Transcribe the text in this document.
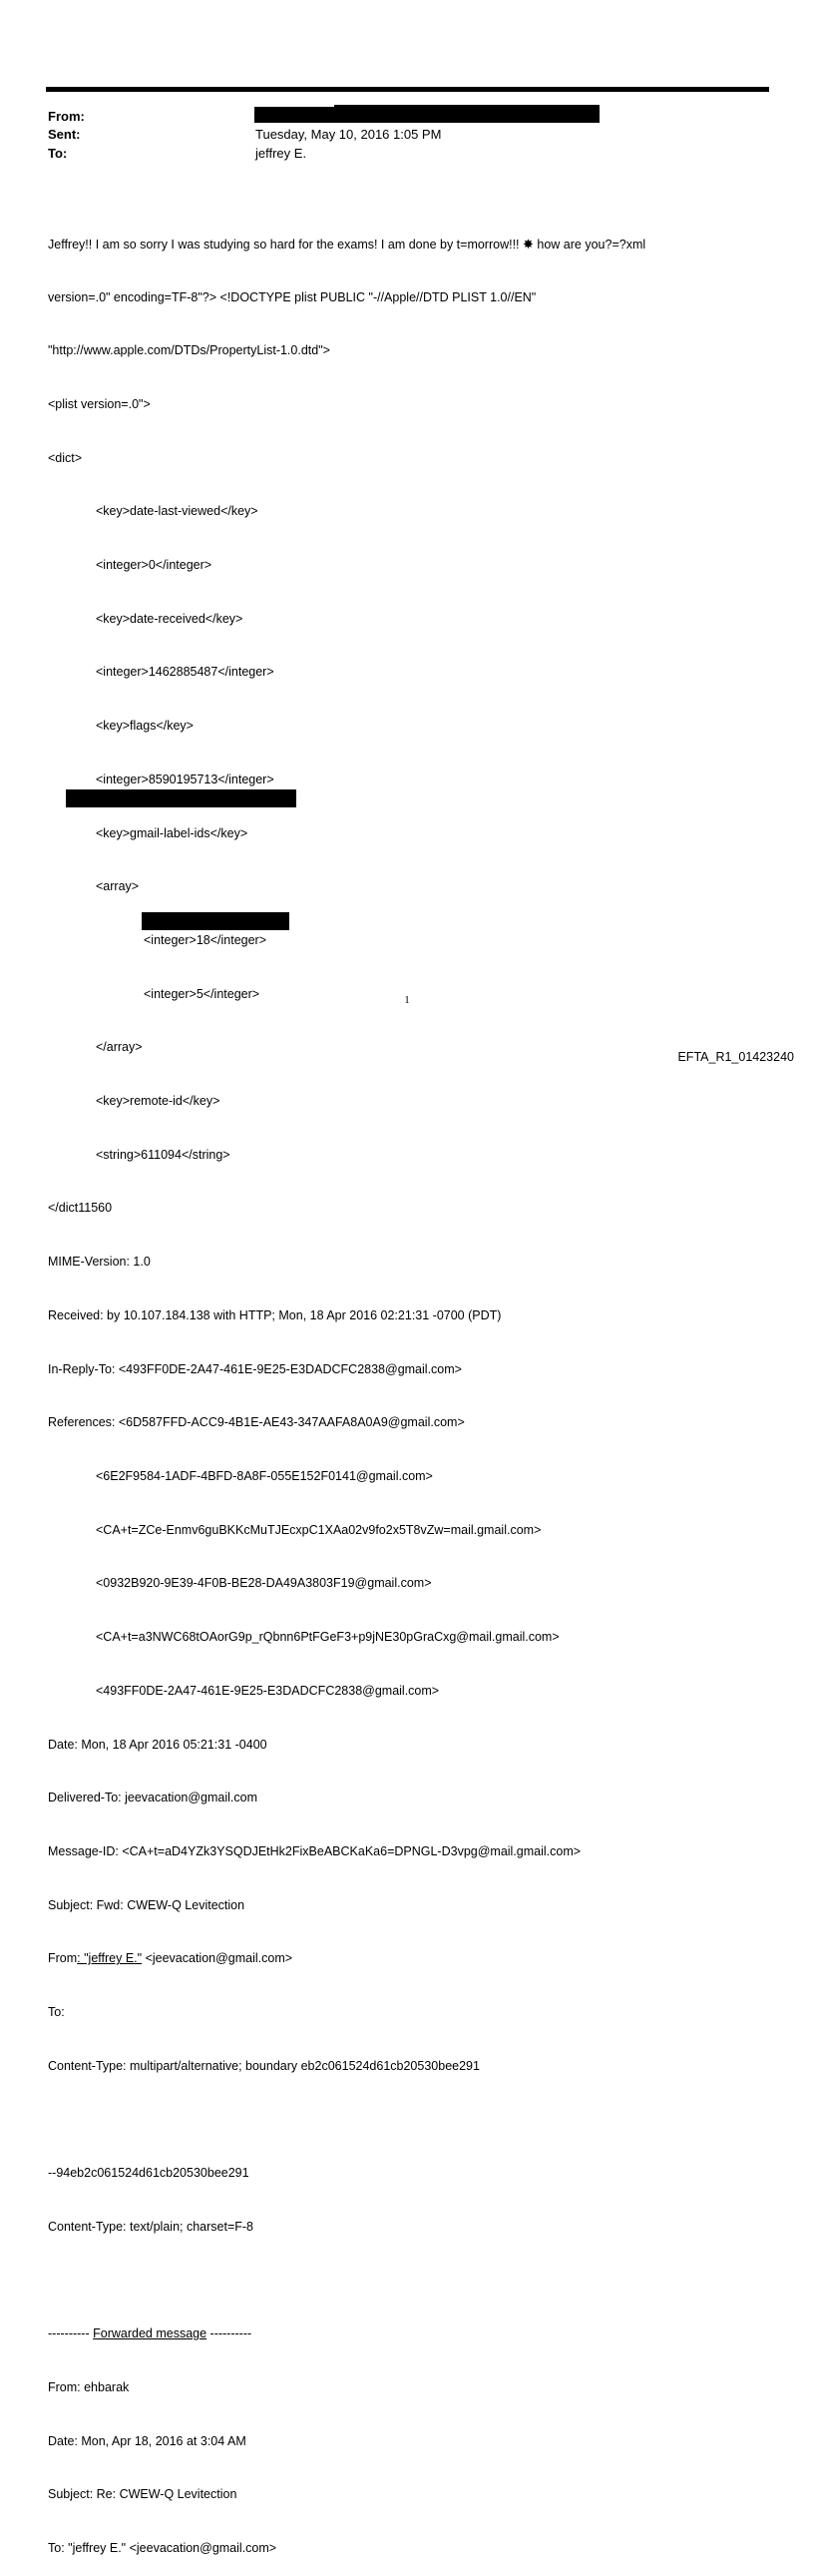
From:
Sent:	Tuesday, May 10, 2016 1:05 PM
To:	jeffrey E.

Jeffrey!! I am so sorry I was studying so hard for the exams! I am done by t=morrow!!! ✸ how are you?=?xml

version=.0" encoding=TF-8"?> <!DOCTYPE plist PUBLIC "-//Apple//DTD PLIST 1.0//EN"

"http://www.apple.com/DTDs/PropertyList-1.0.dtd">

<plist version=.0">

<dict>

<key>date-last-viewed</key>

<integer>0</integer>

<key>date-received</key>

<integer>1462885487</integer>

<key>flags</key>

<integer>8590195713</integer>

<key>gmail-label-ids</key>

<array>

<integer>18</integer>

<integer>5</integer>

</array>

<key>remote-id</key>

<string>611094</string>

</dict11560

MIME-Version: 1.0

Received: by 10.107.184.138 with HTTP; Mon, 18 Apr 2016 02:21:31 -0700 (PDT)

In-Reply-To: <493FF0DE-2A47-461E-9E25-E3DADCFC2838@gmail.com>

References: <6D587FFD-ACC9-4B1E-AE43-347AAFA8A0A9@gmail.com>

<6E2F9584-1ADF-4BFD-8A8F-055E152F0141@gmail.com>

<CA+t=ZCe-Enmv6guBKKcMuTJEcxpC1XAa02v9fo2x5T8vZw=mail.gmail.com>

<0932B920-9E39-4F0B-BE28-DA49A3803F19@gmail.com>

<CA+t=a3NWC68tOAorG9p_rQbnn6PtFGeF3+p9jNE30pGraCxg@mail.gmail.com>

<493FF0DE-2A47-461E-9E25-E3DADCFC2838@gmail.com>

Date: Mon, 18 Apr 2016 05:21:31 -0400

Delivered-To: jeevacation@gmail.com

Message-ID: <CA+t=aD4YZk3YSQDJEtHk2FixBeABCKaKa6=DPNGL-D3vpg@mail.gmail.com>

Subject: Fwd: CWEW-Q Levitection

From: "jeffrey E." <jeevacation@gmail.com>

To:

Content-Type: multipart/alternative; boundary eb2c061524d61cb20530bee291

--94eb2c061524d61cb20530bee291

Content-Type: text/plain; charset=F-8

---------- Forwarded message ----------

From: ehbarak

Date: Mon, Apr 18, 2016 at 3:04 AM

Subject: Re: CWEW-Q Levitection

To: "jeffrey E." <jeevacation@gmail.com>

1
EFTA_R1_01423240
